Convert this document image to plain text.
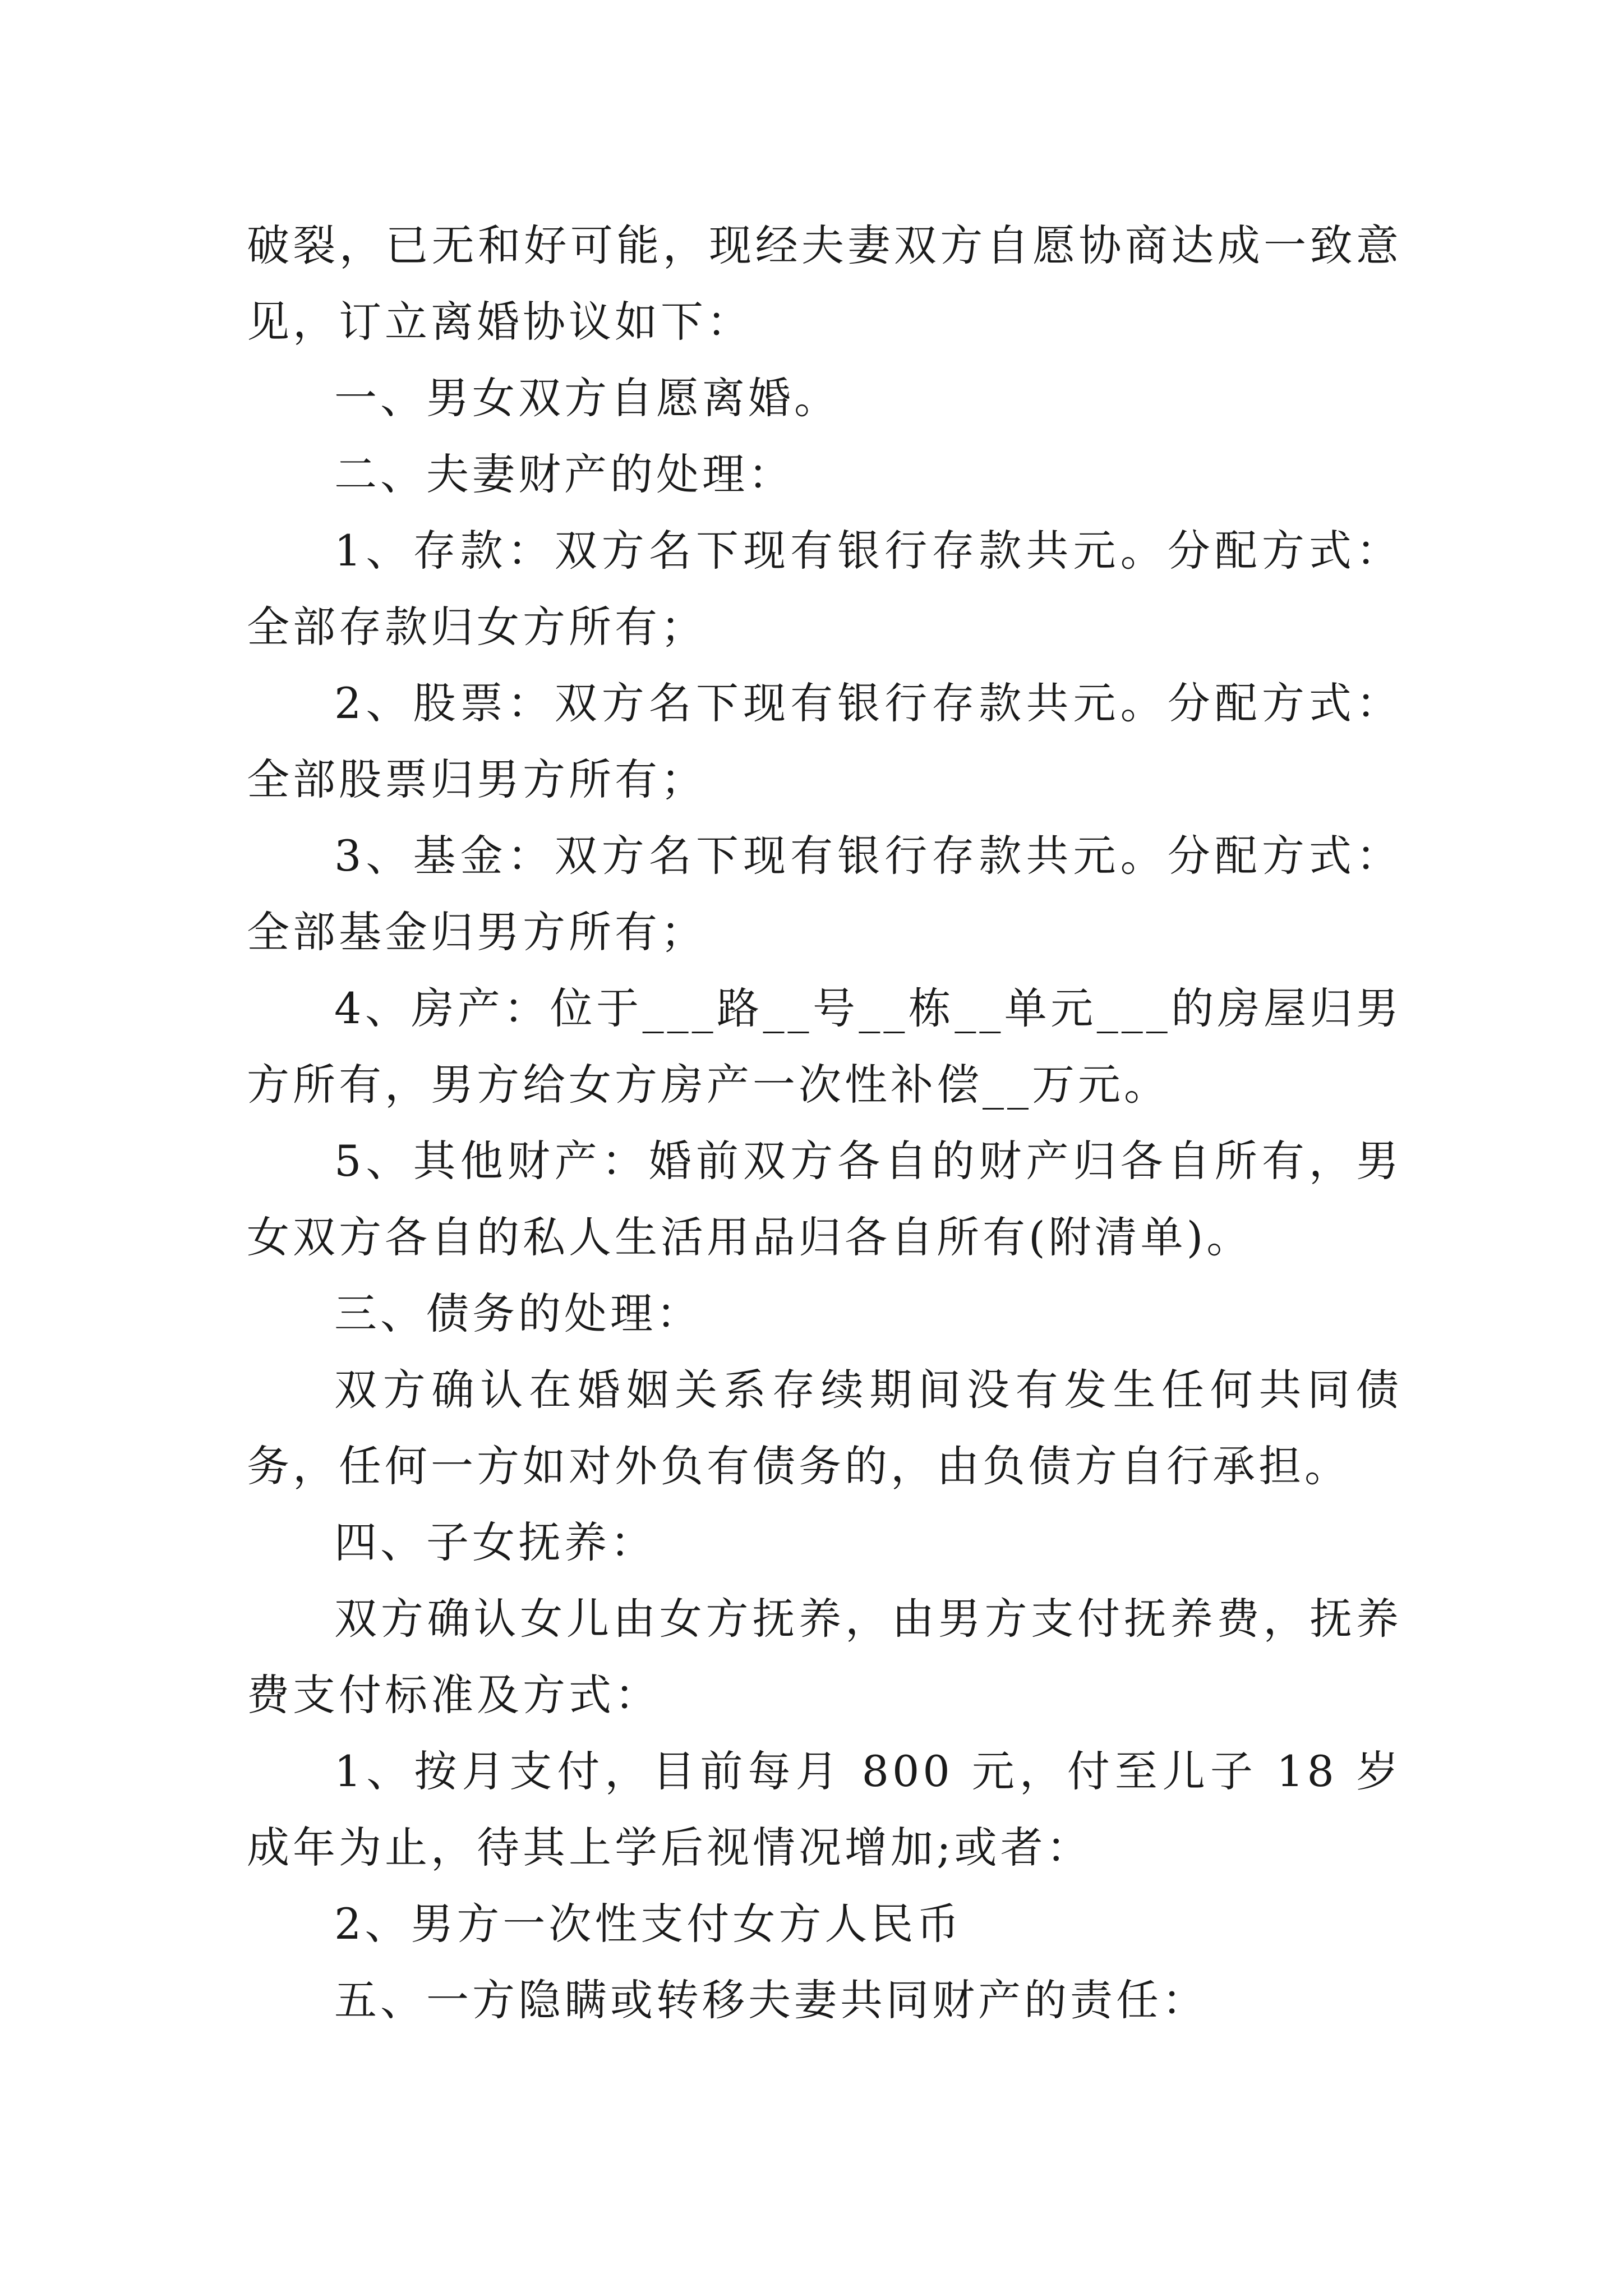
破裂，已无和好可能，现经夫妻双方自愿协商达成一致意见，订立离婚协议如下：

一、男女双方自愿离婚。

二、夫妻财产的处理：

1、存款：双方名下现有银行存款共元。分配方式：全部存款归女方所有；

2、股票：双方名下现有银行存款共元。分配方式：全部股票归男方所有；

3、基金：双方名下现有银行存款共元。分配方式：全部基金归男方所有；

4、房产：位于___路__号__栋__单元___的房屋归男方所有，男方给女方房产一次性补偿__万元。

5、其他财产：婚前双方各自的财产归各自所有，男女双方各自的私人生活用品归各自所有(附清单)。

三、债务的处理：

双方确认在婚姻关系存续期间没有发生任何共同债务，任何一方如对外负有债务的，由负债方自行承担。

四、子女抚养：

双方确认女儿由女方抚养，由男方支付抚养费，抚养费支付标准及方式：

1、按月支付，目前每月 800 元，付至儿子 18 岁成年为止，待其上学后视情况增加;或者：

2、男方一次性支付女方人民币

五、一方隐瞒或转移夫妻共同财产的责任：
